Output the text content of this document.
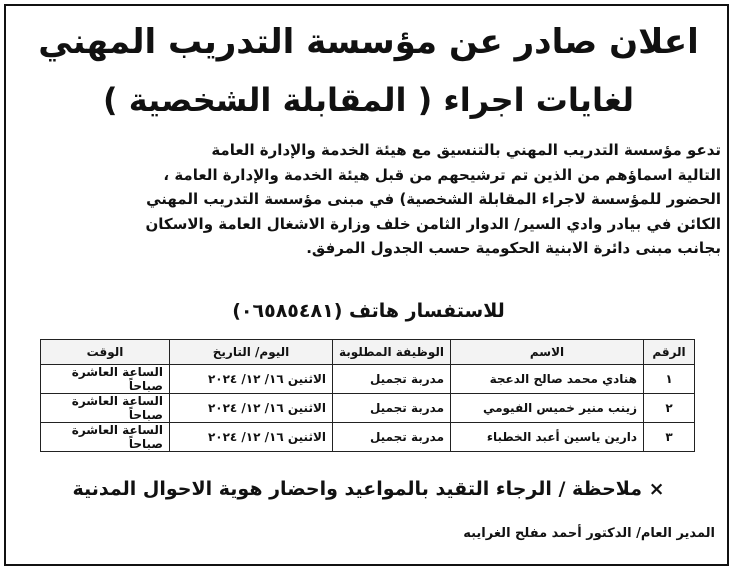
اعلان صادر عن مؤسسة التدريب المهني
لغايات اجراء ( المقابلة الشخصية )
تدعو مؤسسة التدريب المهني بالتنسيق مع هيئة الخدمة والإدارة العامة
التالية اسماؤهم من الذين تم ترشيحهم من قبل هيئة الخدمة والإدارة العامة ،
الحضور للمؤسسة لاجراء المقابلة الشخصية) في مبنى مؤسسة التدريب المهني
الكائن في بيادر وادي السير/ الدوار الثامن خلف وزارة الاشغال العامة والاسكان
بجانب مبنى دائرة الابنية الحكومية حسب الجدول المرفق.
للاستفسار هاتف (٠٦٥٨٥٤٨١)
الرقم	الاسم	الوظيفة المطلوبة	اليوم/ التاريخ	الوقت
١	هنادي محمد صالح الدعجة	مدربة تجميل	الاثنين ١٦/ ١٢/ ٢٠٢٤	الساعة العاشرة صباحاً
٢	زينب منير خميس الفيومي	مدربة تجميل	الاثنين ١٦/ ١٢/ ٢٠٢٤	الساعة العاشرة صباحاً
٣	دارين ياسين أعبد الخطباء	مدربة تجميل	الاثنين ١٦/ ١٢/ ٢٠٢٤	الساعة العاشرة صباحاً
× ملاحظة / الرجاء التقيد بالمواعيد واحضار هوية الاحوال المدنية
المدير العام/ الدكتور أحمد مفلح الغرايبه
